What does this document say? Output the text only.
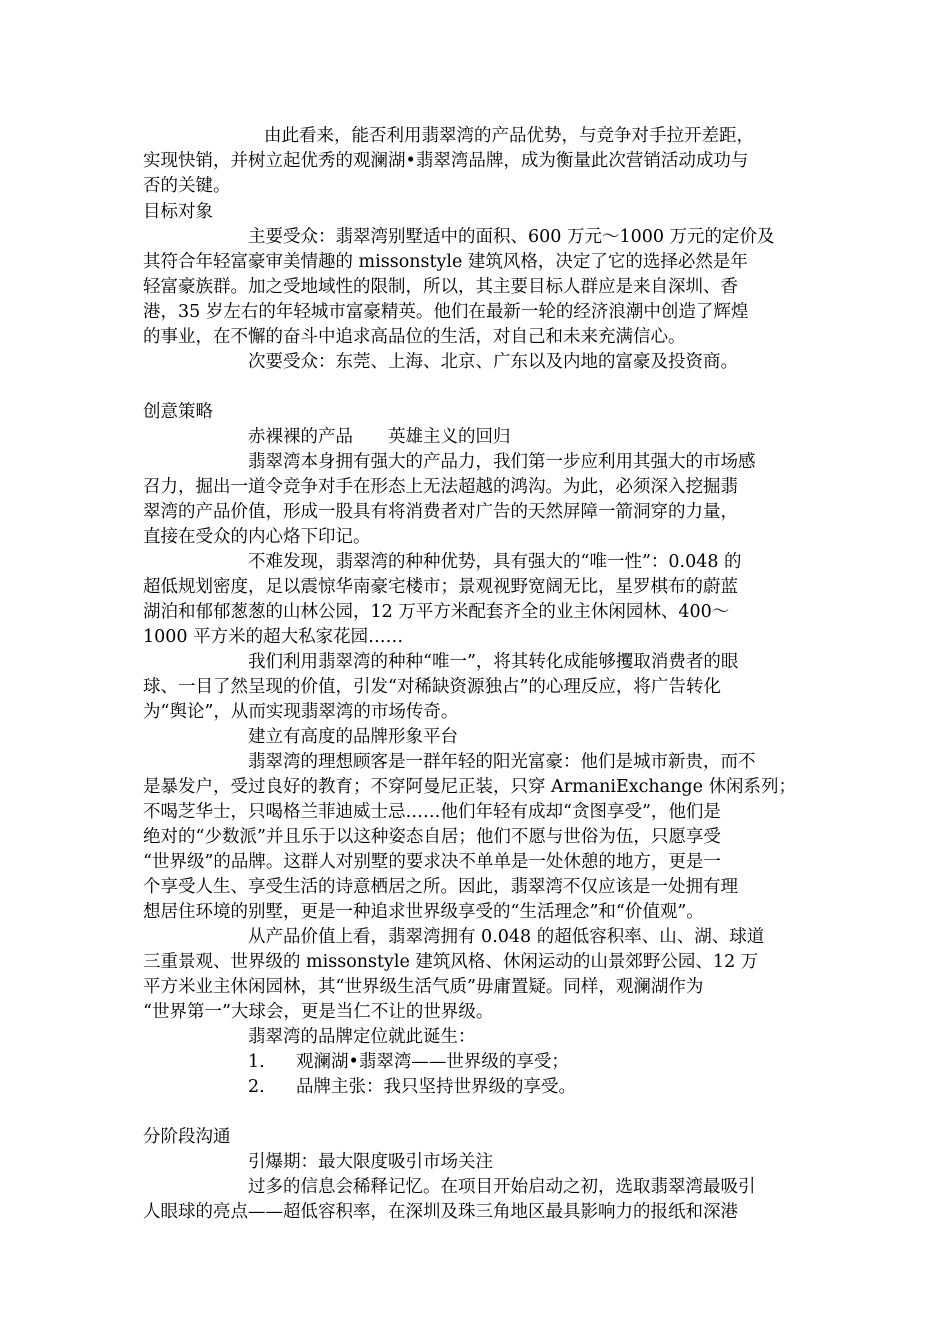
由此看来，能否利用翡翠湾的产品优势，与竞争对手拉开差距，
实现快销，并树立起优秀的观澜湖•翡翠湾品牌，成为衡量此次营销活动成功与
否的关键。
目标对象
主要受众：翡翠湾别墅适中的面积、600 万元～1000 万元的定价及
其符合年轻富豪审美情趣的 missonstyle 建筑风格，决定了它的选择必然是年
轻富豪族群。加之受地域性的限制，所以，其主要目标人群应是来自深圳、香
港，35 岁左右的年轻城市富豪精英。他们在最新一轮的经济浪潮中创造了辉煌
的事业，在不懈的奋斗中追求高品位的生活，对自己和未来充满信心。
次要受众：东莞、上海、北京、广东以及内地的富豪及投资商。
创意策略
赤裸裸的产品　　英雄主义的回归
翡翠湾本身拥有强大的产品力，我们第一步应利用其强大的市场感
召力，掘出一道令竞争对手在形态上无法超越的鸿沟。为此，必须深入挖掘翡
翠湾的产品价值，形成一股具有将消费者对广告的天然屏障一箭洞穿的力量，
直接在受众的内心烙下印记。
不难发现，翡翠湾的种种优势，具有强大的“唯一性”：0.048 的
超低规划密度，足以震惊华南豪宅楼市；景观视野宽阔无比，星罗棋布的蔚蓝
湖泊和郁郁葱葱的山林公园，12 万平方米配套齐全的业主休闲园林、400～
1000 平方米的超大私家花园……
我们利用翡翠湾的种种“唯一”，将其转化成能够攫取消费者的眼
球、一目了然呈现的价值，引发“对稀缺资源独占”的心理反应，将广告转化
为“舆论”，从而实现翡翠湾的市场传奇。
建立有高度的品牌形象平台
翡翠湾的理想顾客是一群年轻的阳光富豪：他们是城市新贵，而不
是暴发户，受过良好的教育；不穿阿曼尼正装，只穿 ArmaniExchange 休闲系列；
不喝芝华士，只喝格兰菲迪威士忌……他们年轻有成却“贪图享受”，他们是
绝对的“少数派”并且乐于以这种姿态自居；他们不愿与世俗为伍，只愿享受
“世界级”的品牌。这群人对别墅的要求决不单单是一处休憩的地方，更是一
个享受人生、享受生活的诗意栖居之所。因此，翡翠湾不仅应该是一处拥有理
想居住环境的别墅，更是一种追求世界级享受的“生活理念”和“价值观”。
从产品价值上看，翡翠湾拥有 0.048 的超低容积率、山、湖、球道
三重景观、世界级的 missonstyle 建筑风格、休闲运动的山景郊野公园、12 万
平方米业主休闲园林，其“世界级生活气质”毋庸置疑。同样，观澜湖作为
“世界第一”大球会，更是当仁不让的世界级。
翡翠湾的品牌定位就此诞生：
1. 观澜湖•翡翠湾——世界级的享受；
2. 品牌主张：我只坚持世界级的享受。
分阶段沟通
引爆期：最大限度吸引市场关注
过多的信息会稀释记忆。在项目开始启动之初，选取翡翠湾最吸引
人眼球的亮点——超低容积率，在深圳及珠三角地区最具影响力的报纸和深港
